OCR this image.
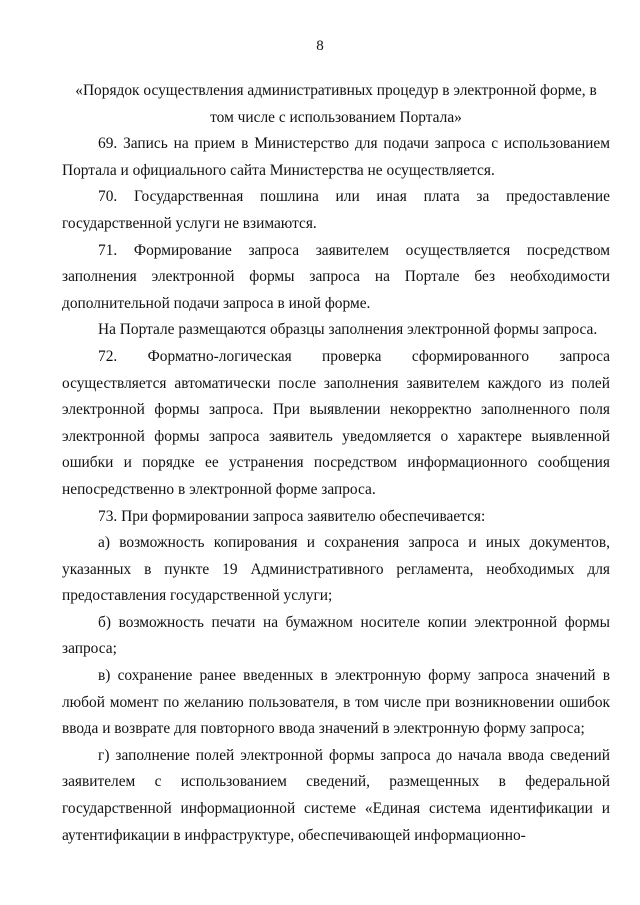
8

«Порядок осуществления административных процедур в электронной форме, в том числе с использованием Портала»

69. Запись на прием в Министерство для подачи запроса с использованием Портала и официального сайта Министерства не осуществляется.

70. Государственная пошлина или иная плата за предоставление государственной услуги не взимаются.

71. Формирование запроса заявителем осуществляется посредством заполнения электронной формы запроса на Портале без необходимости дополнительной подачи запроса в иной форме.

На Портале размещаются образцы заполнения электронной формы запроса.

72. Форматно-логическая проверка сформированного запроса осуществляется автоматически после заполнения заявителем каждого из полей электронной формы запроса. При выявлении некорректно заполненного поля электронной формы запроса заявитель уведомляется о характере выявленной ошибки и порядке ее устранения посредством информационного сообщения непосредственно в электронной форме запроса.

73. При формировании запроса заявителю обеспечивается:

а) возможность копирования и сохранения запроса и иных документов, указанных в пункте 19 Административного регламента, необходимых для предоставления государственной услуги;

б) возможность печати на бумажном носителе копии электронной формы запроса;

в) сохранение ранее введенных в электронную форму запроса значений в любой момент по желанию пользователя, в том числе при возникновении ошибок ввода и возврате для повторного ввода значений в электронную форму запроса;

г) заполнение полей электронной формы запроса до начала ввода сведений заявителем с использованием сведений, размещенных в федеральной государственной информационной системе «Единая система идентификации и аутентификации в инфраструктуре, обеспечивающей информационно-
